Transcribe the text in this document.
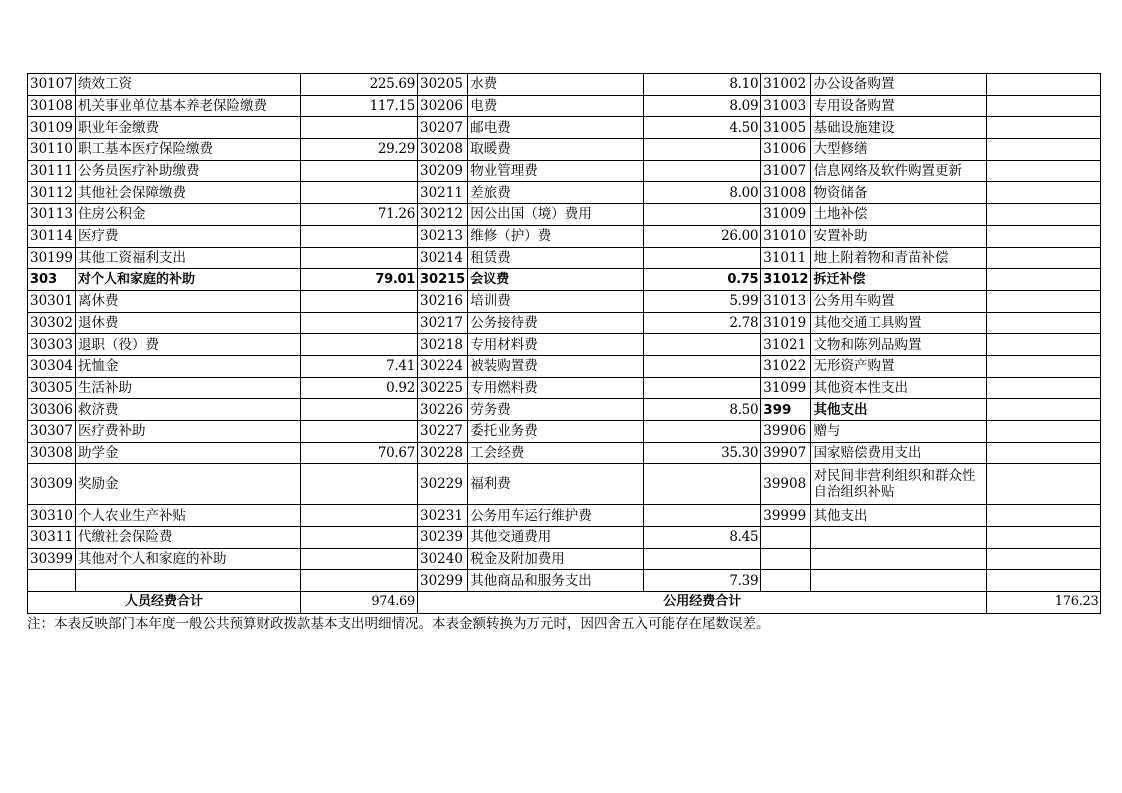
30107	绩效工资	225.69	30205	水费	8.10	31002	办公设备购置	
30108	机关事业单位基本养老保险缴费	117.15	30206	电费	8.09	31003	专用设备购置	
30109	职业年金缴费		30207	邮电费	4.50	31005	基础设施建设	
30110	职工基本医疗保险缴费	29.29	30208	取暖费		31006	大型修缮	
30111	公务员医疗补助缴费		30209	物业管理费		31007	信息网络及软件购置更新	
30112	其他社会保障缴费		30211	差旅费	8.00	31008	物资储备	
30113	住房公积金	71.26	30212	因公出国（境）费用		31009	土地补偿	
30114	医疗费		30213	维修（护）费	26.00	31010	安置补助	
30199	其他工资福利支出		30214	租赁费		31011	地上附着物和青苗补偿	
303	对个人和家庭的补助	79.01	30215	会议费	0.75	31012	拆迁补偿	
30301	离休费		30216	培训费	5.99	31013	公务用车购置	
30302	退休费		30217	公务接待费	2.78	31019	其他交通工具购置	
30303	退职（役）费		30218	专用材料费		31021	文物和陈列品购置	
30304	抚恤金	7.41	30224	被装购置费		31022	无形资产购置	
30305	生活补助	0.92	30225	专用燃料费		31099	其他资本性支出	
30306	救济费		30226	劳务费	8.50	399	其他支出	
30307	医疗费补助		30227	委托业务费		39906	赠与	
30308	助学金	70.67	30228	工会经费	35.30	39907	国家赔偿费用支出	
30309	奖励金		30229	福利费		39908	对民间非营利组织和群众性自治组织补贴	
30310	个人农业生产补贴		30231	公务用车运行维护费		39999	其他支出	
30311	代缴社会保险费		30239	其他交通费用	8.45			
30399	其他对个人和家庭的补助		30240	税金及附加费用				
			30299	其他商品和服务支出	7.39			
人员经费合计		974.69	公用经费合计					176.23
注：本表反映部门本年度一般公共预算财政拨款基本支出明细情况。本表金额转换为万元时，因四舍五入可能存在尾数误差。
